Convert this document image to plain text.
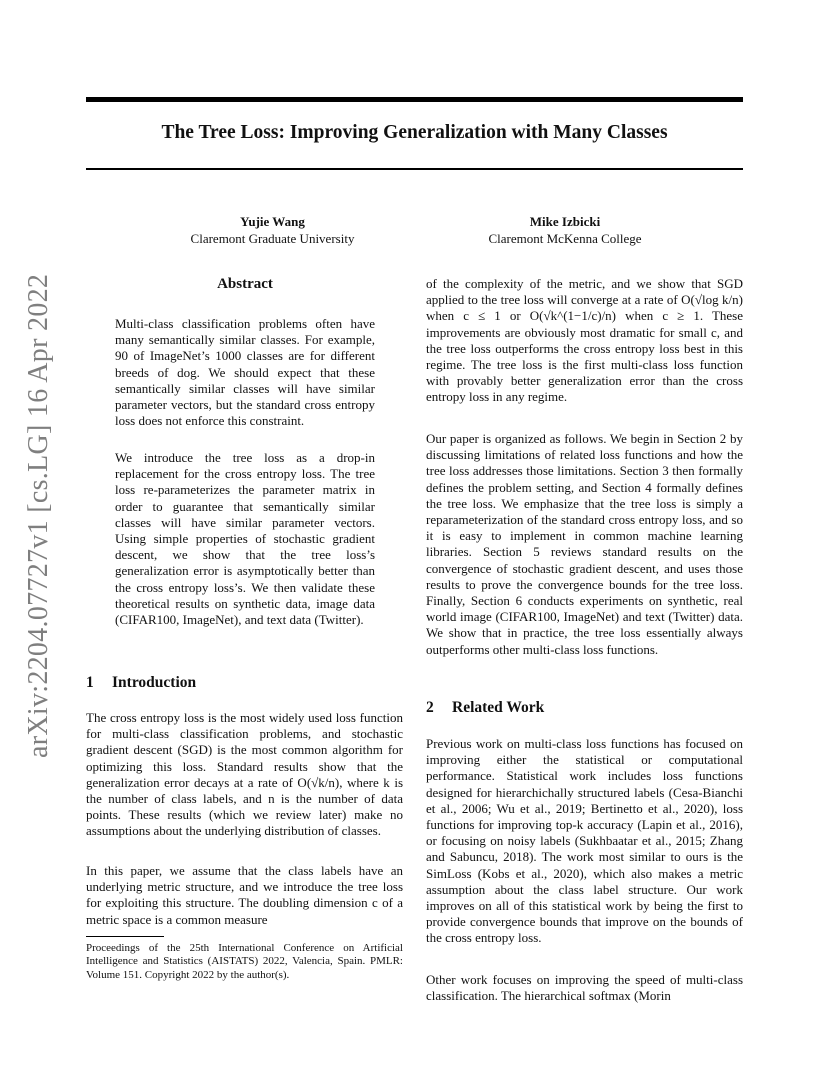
The Tree Loss: Improving Generalization with Many Classes
Yujie Wang
Claremont Graduate University
Mike Izbicki
Claremont McKenna College
arXiv:2204.07727v1 [cs.LG] 16 Apr 2022	Abstract

Multi-class classification problems often have many semantically similar classes. For example, 90 of ImageNet’s 1000 classes are for different breeds of dog. We should expect that these semantically similar classes will have similar parameter vectors, but the standard cross entropy loss does not enforce this constraint.

We introduce the tree loss as a drop-in replacement for the cross entropy loss. The tree loss re-parameterizes the parameter matrix in order to guarantee that semantically similar classes will have similar parameter vectors. Using simple properties of stochastic gradient descent, we show that the tree loss’s generalization error is asymptotically better than the cross entropy loss’s. We then validate these theoretical results on synthetic data, image data (CIFAR100, ImageNet), and text data (Twitter).

1 Introduction

The cross entropy loss is the most widely used loss function for multi-class classification problems, and stochastic gradient descent (SGD) is the most common algorithm for optimizing this loss. Standard results show that the generalization error decays at a rate of O(√k/n), where k is the number of class labels, and n is the number of data points. These results (which we review later) make no assumptions about the underlying distribution of classes.

In this paper, we assume that the class labels have an underlying metric structure, and we introduce the tree loss for exploiting this structure. The doubling dimension c of a metric space is a common measure

Proceedings of the 25th International Conference on Artificial Intelligence and Statistics (AISTATS) 2022, Valencia, Spain. PMLR: Volume 151. Copyright 2022 by the author(s).

of the complexity of the metric, and we show that SGD applied to the tree loss will converge at a rate of O(√log k/n) when c ≤ 1 or O(√k^(1−1/c)/n) when c ≥ 1. These improvements are obviously most dramatic for small c, and the tree loss outperforms the cross entropy loss best in this regime. The tree loss is the first multi-class loss function with provably better generalization error than the cross entropy loss in any regime.

Our paper is organized as follows. We begin in Section 2 by discussing limitations of related loss functions and how the tree loss addresses those limitations. Section 3 then formally defines the problem setting, and Section 4 formally defines the tree loss. We emphasize that the tree loss is simply a reparameterization of the standard cross entropy loss, and so it is easy to implement in common machine learning libraries. Section 5 reviews standard results on the convergence of stochastic gradient descent, and uses those results to prove the convergence bounds for the tree loss. Finally, Section 6 conducts experiments on synthetic, real world image (CIFAR100, ImageNet) and text (Twitter) data. We show that in practice, the tree loss essentially always outperforms other multi-class loss functions.

2 Related Work

Previous work on multi-class loss functions has focused on improving either the statistical or computational performance. Statistical work includes loss functions designed for hierarchichally structured labels (Cesa-Bianchi et al., 2006; Wu et al., 2019; Bertinetto et al., 2020), loss functions for improving top-k accuracy (Lapin et al., 2016), or focusing on noisy labels (Sukhbaatar et al., 2015; Zhang and Sabuncu, 2018). The work most similar to ours is the SimLoss (Kobs et al., 2020), which also makes a metric assumption about the class label structure. Our work improves on all of this statistical work by being the first to provide convergence bounds that improve on the bounds of the cross entropy loss.

Other work focuses on improving the speed of multi-class classification. The hierarchical softmax (Morin
